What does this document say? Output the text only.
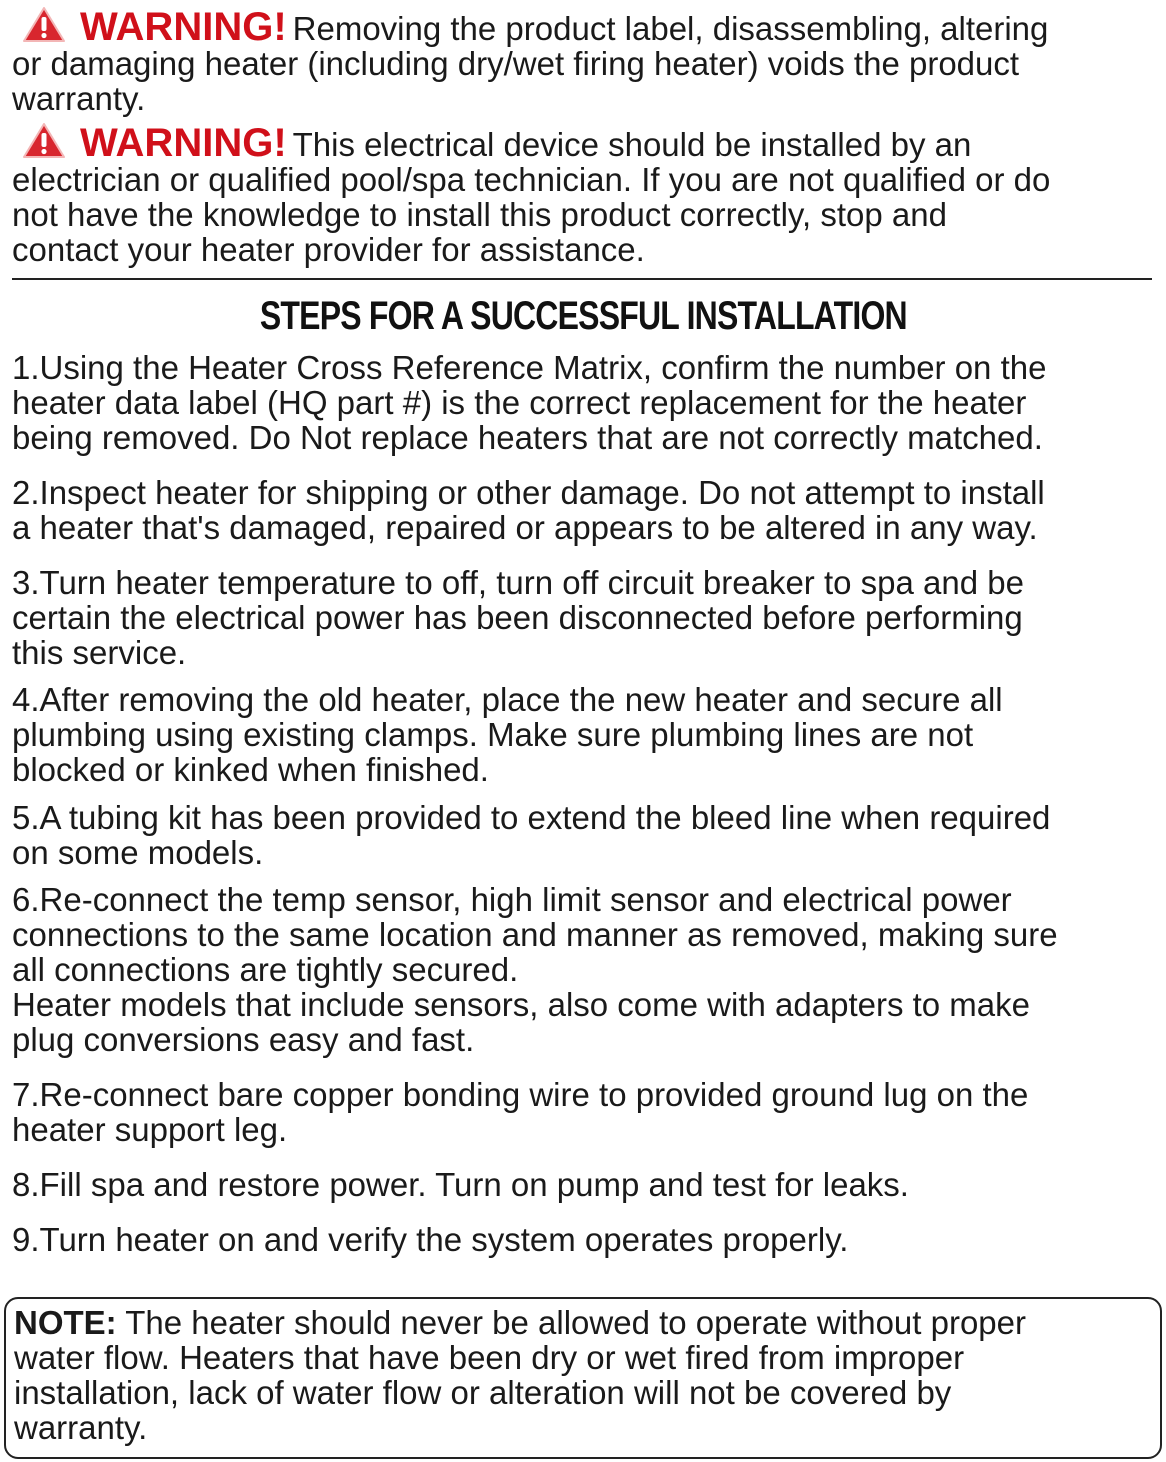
WARNING! Removing the product label, disassembling, altering
or damaging heater (including dry/wet firing heater) voids the product
warranty.
WARNING! This electrical device should be installed by an
electrician or qualified pool/spa technician. If you are not qualified or do
not have the knowledge to install this product correctly, stop and
contact your heater provider for assistance.
STEPS FOR A SUCCESSFUL INSTALLATION
1.Using the Heater Cross Reference Matrix, confirm the number on the
heater data label (HQ part #) is the correct replacement for the heater
being removed. Do Not replace heaters that are not correctly matched.
2.Inspect heater for shipping or other damage. Do not attempt to install
a heater that's damaged, repaired or appears to be altered in any way.
3.Turn heater temperature to off, turn off circuit breaker to spa and be
certain the electrical power has been disconnected before performing
this service.
4.After removing the old heater, place the new heater and secure all
plumbing using existing clamps. Make sure plumbing lines are not
blocked or kinked when finished.
5.A tubing kit has been provided to extend the bleed line when required
on some models.
6.Re-connect the temp sensor, high limit sensor and electrical power
connections to the same location and manner as removed, making sure
all connections are tightly secured.
Heater models that include sensors, also come with adapters to make
plug conversions easy and fast.
7.Re-connect bare copper bonding wire to provided ground lug on the
heater support leg.
8.Fill spa and restore power. Turn on pump and test for leaks.
9.Turn heater on and verify the system operates properly.
NOTE: The heater should never be allowed to operate without proper
water flow. Heaters that have been dry or wet fired from improper
installation, lack of water flow or alteration will not be covered by
warranty.
